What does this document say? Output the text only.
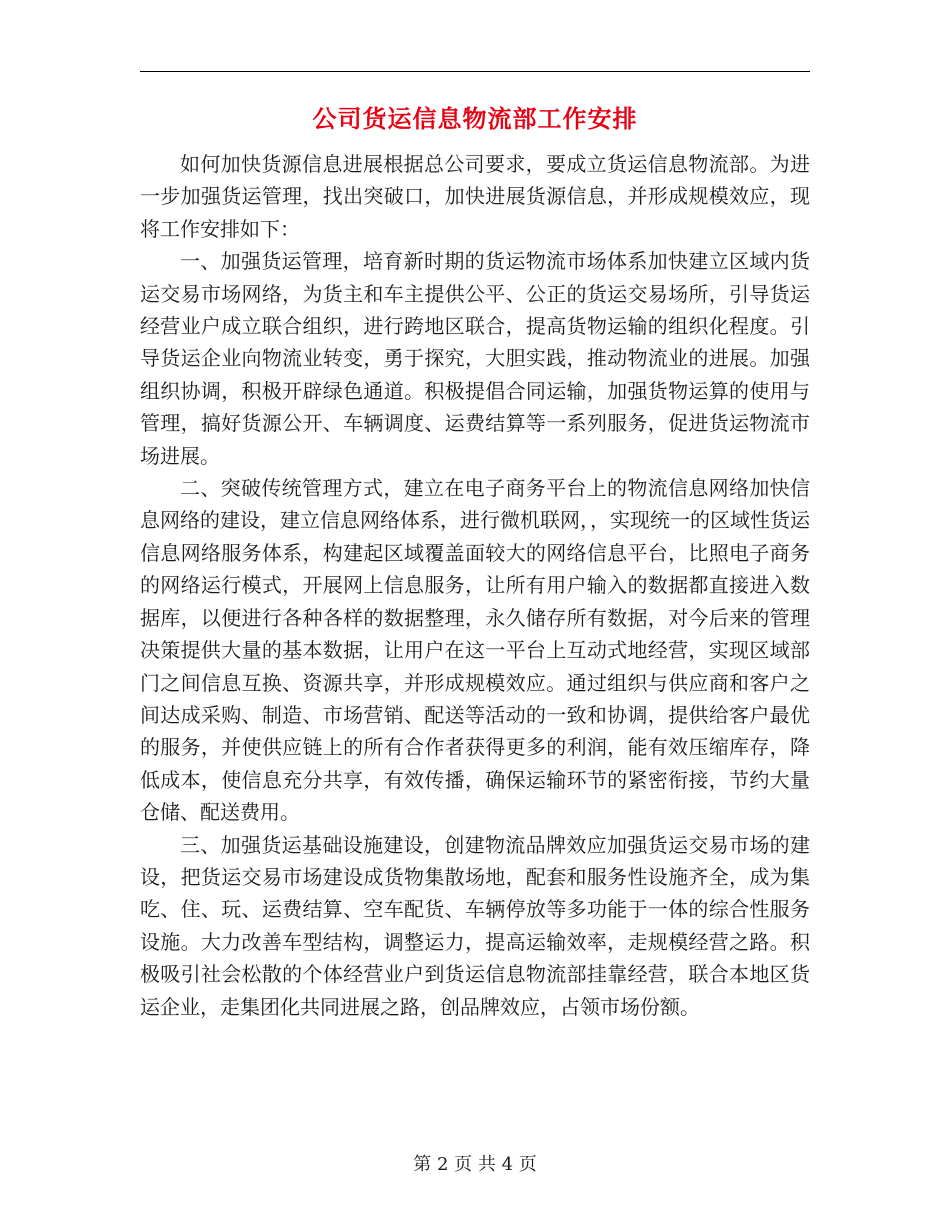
公司货运信息物流部工作安排

如何加快货源信息进展根据总公司要求，要成立货运信息物流部。为进一步加强货运管理，找出突破口，加快进展货源信息，并形成规模效应，现将工作安排如下：

一、加强货运管理，培育新时期的货运物流市场体系加快建立区域内货运交易市场网络，为货主和车主提供公平、公正的货运交易场所，引导货运经营业户成立联合组织，进行跨地区联合，提高货物运输的组织化程度。引导货运企业向物流业转变，勇于探究，大胆实践，推动物流业的进展。加强组织协调，积极开辟绿色通道。积极提倡合同运输，加强货物运算的使用与管理，搞好货源公开、车辆调度、运费结算等一系列服务，促进货运物流市场进展。

二、突破传统管理方式，建立在电子商务平台上的物流信息网络加快信息网络的建设，建立信息网络体系，进行微机联网，，实现统一的区域性货运信息网络服务体系，构建起区域覆盖面较大的网络信息平台，比照电子商务的网络运行模式，开展网上信息服务，让所有用户输入的数据都直接进入数据库，以便进行各种各样的数据整理，永久储存所有数据，对今后来的管理决策提供大量的基本数据，让用户在这一平台上互动式地经营，实现区域部门之间信息互换、资源共享，并形成规模效应。通过组织与供应商和客户之间达成采购、制造、市场营销、配送等活动的一致和协调，提供给客户最优的服务，并使供应链上的所有合作者获得更多的利润，能有效压缩库存，降低成本，使信息充分共享，有效传播，确保运输环节的紧密衔接，节约大量仓储、配送费用。

三、加强货运基础设施建设，创建物流品牌效应加强货运交易市场的建设，把货运交易市场建设成货物集散场地，配套和服务性设施齐全，成为集吃、住、玩、运费结算、空车配货、车辆停放等多功能于一体的综合性服务设施。大力改善车型结构，调整运力，提高运输效率，走规模经营之路。积极吸引社会松散的个体经营业户到货运信息物流部挂靠经营，联合本地区货运企业，走集团化共同进展之路，创品牌效应，占领市场份额。

第 2 页 共 4 页
